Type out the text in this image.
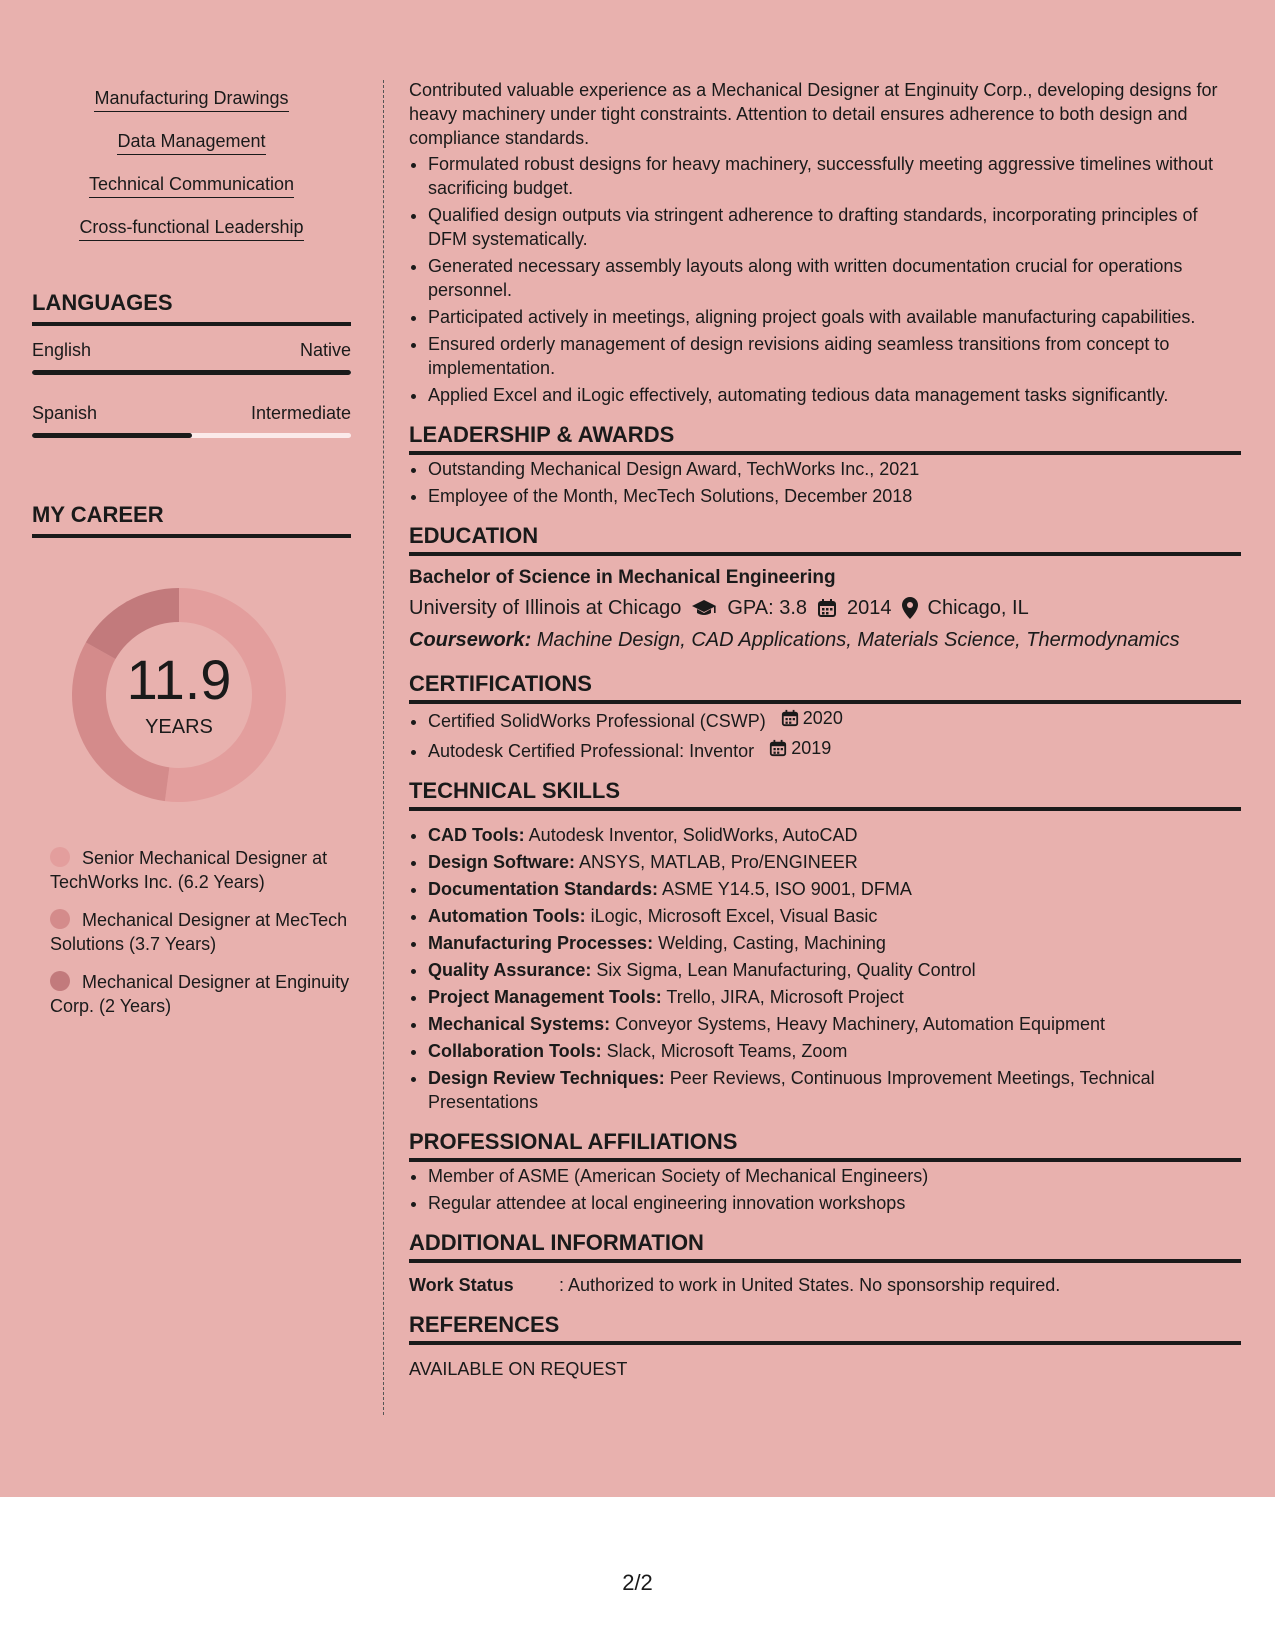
Manufacturing Drawings
Data Management
Technical Communication
Cross-functional Leadership
LANGUAGES
English	Native
Spanish	Intermediate
MY CAREER
11.9
YEARS
Senior Mechanical Designer at TechWorks Inc. (6.2 Years)
Mechanical Designer at MecTech Solutions (3.7 Years)
Mechanical Designer at Enginuity Corp. (2 Years)

Contributed valuable experience as a Mechanical Designer at Enginuity Corp., developing designs for heavy machinery under tight constraints. Attention to detail ensures adherence to both design and compliance standards.

• Formulated robust designs for heavy machinery, successfully meeting aggressive timelines without sacrificing budget.
• Qualified design outputs via stringent adherence to drafting standards, incorporating principles of DFM systematically.
• Generated necessary assembly layouts along with written documentation crucial for operations personnel.
• Participated actively in meetings, aligning project goals with available manufacturing capabilities.
• Ensured orderly management of design revisions aiding seamless transitions from concept to implementation.
• Applied Excel and iLogic effectively, automating tedious data management tasks significantly.
LEADERSHIP & AWARDS
• Outstanding Mechanical Design Award, TechWorks Inc., 2021
• Employee of the Month, MecTech Solutions, December 2018
EDUCATION
Bachelor of Science in Mechanical Engineering
University of Illinois at Chicago GPA: 3.8 2014 Chicago, IL
Coursework: Machine Design, CAD Applications, Materials Science, Thermodynamics
CERTIFICATIONS
• Certified SolidWorks Professional (CSWP) 2020
• Autodesk Certified Professional: Inventor 2019
TECHNICAL SKILLS
• CAD Tools: Autodesk Inventor, SolidWorks, AutoCAD
• Design Software: ANSYS, MATLAB, Pro/ENGINEER
• Documentation Standards: ASME Y14.5, ISO 9001, DFMA
• Automation Tools: iLogic, Microsoft Excel, Visual Basic
• Manufacturing Processes: Welding, Casting, Machining
• Quality Assurance: Six Sigma, Lean Manufacturing, Quality Control
• Project Management Tools: Trello, JIRA, Microsoft Project
• Mechanical Systems: Conveyor Systems, Heavy Machinery, Automation Equipment
• Collaboration Tools: Slack, Microsoft Teams, Zoom
• Design Review Techniques: Peer Reviews, Continuous Improvement Meetings, Technical Presentations
PROFESSIONAL AFFILIATIONS
• Member of ASME (American Society of Mechanical Engineers)
• Regular attendee at local engineering innovation workshops
ADDITIONAL INFORMATION
Work Status	: Authorized to work in United States. No sponsorship required.
REFERENCES
AVAILABLE ON REQUEST
2/2
